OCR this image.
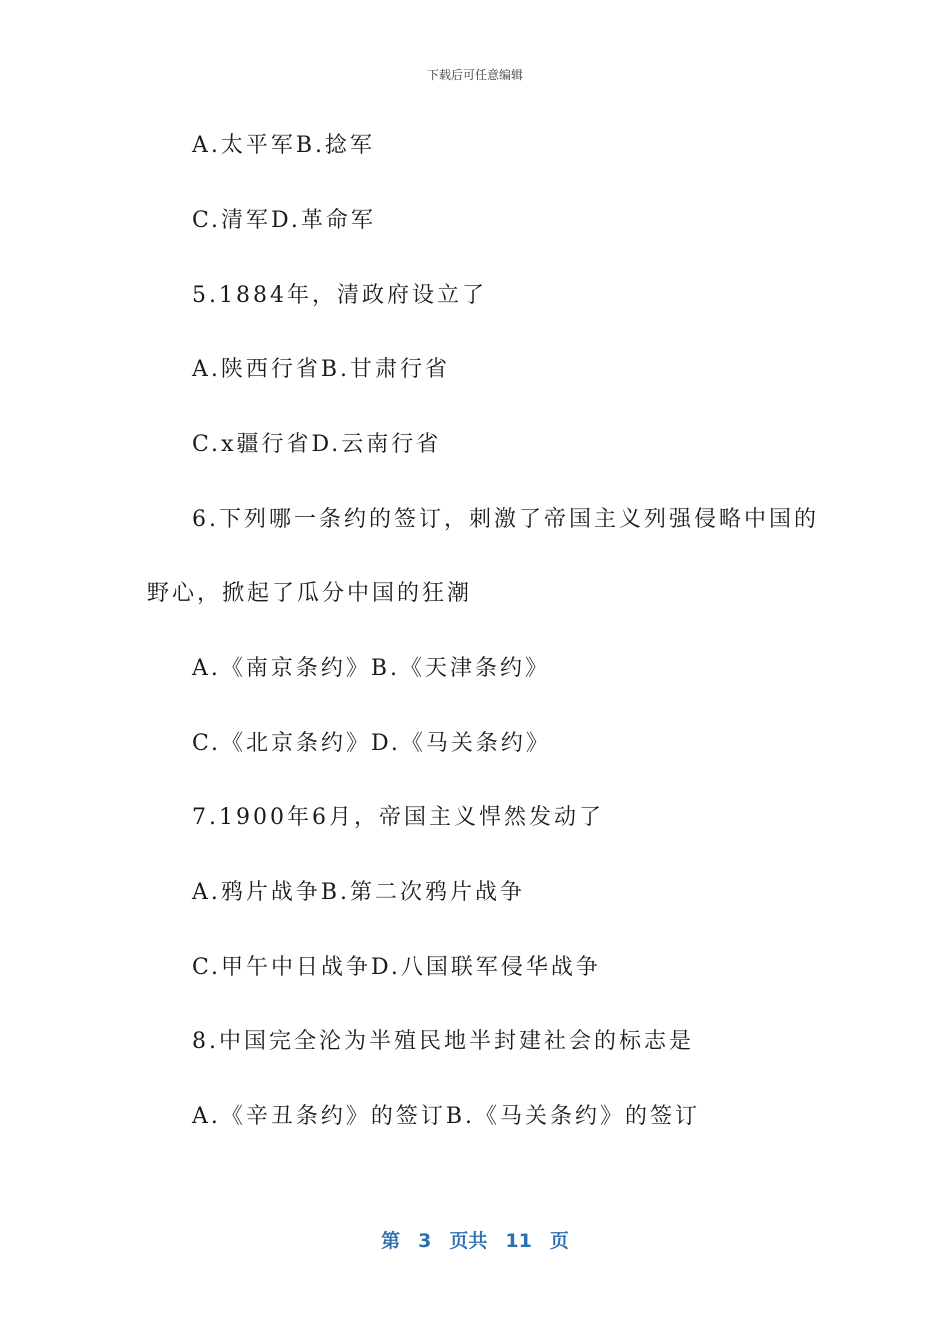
下载后可任意编辑
A.太平军B.捻军
C.清军D.革命军
5.1884年，清政府设立了
A.陕西行省B.甘肃行省
C.x疆行省D.云南行省
6.下列哪一条约的签订，刺激了帝国主义列强侵略中国的
野心，掀起了瓜分中国的狂潮
A.《南京条约》B.《天津条约》
C.《北京条约》D.《马关条约》
7.1900年6月，帝国主义悍然发动了
A.鸦片战争B.第二次鸦片战争
C.甲午中日战争D.八国联军侵华战争
8.中国完全沦为半殖民地半封建社会的标志是
A.《辛丑条约》的签订B.《马关条约》的签订
第 3 页共 11 页
